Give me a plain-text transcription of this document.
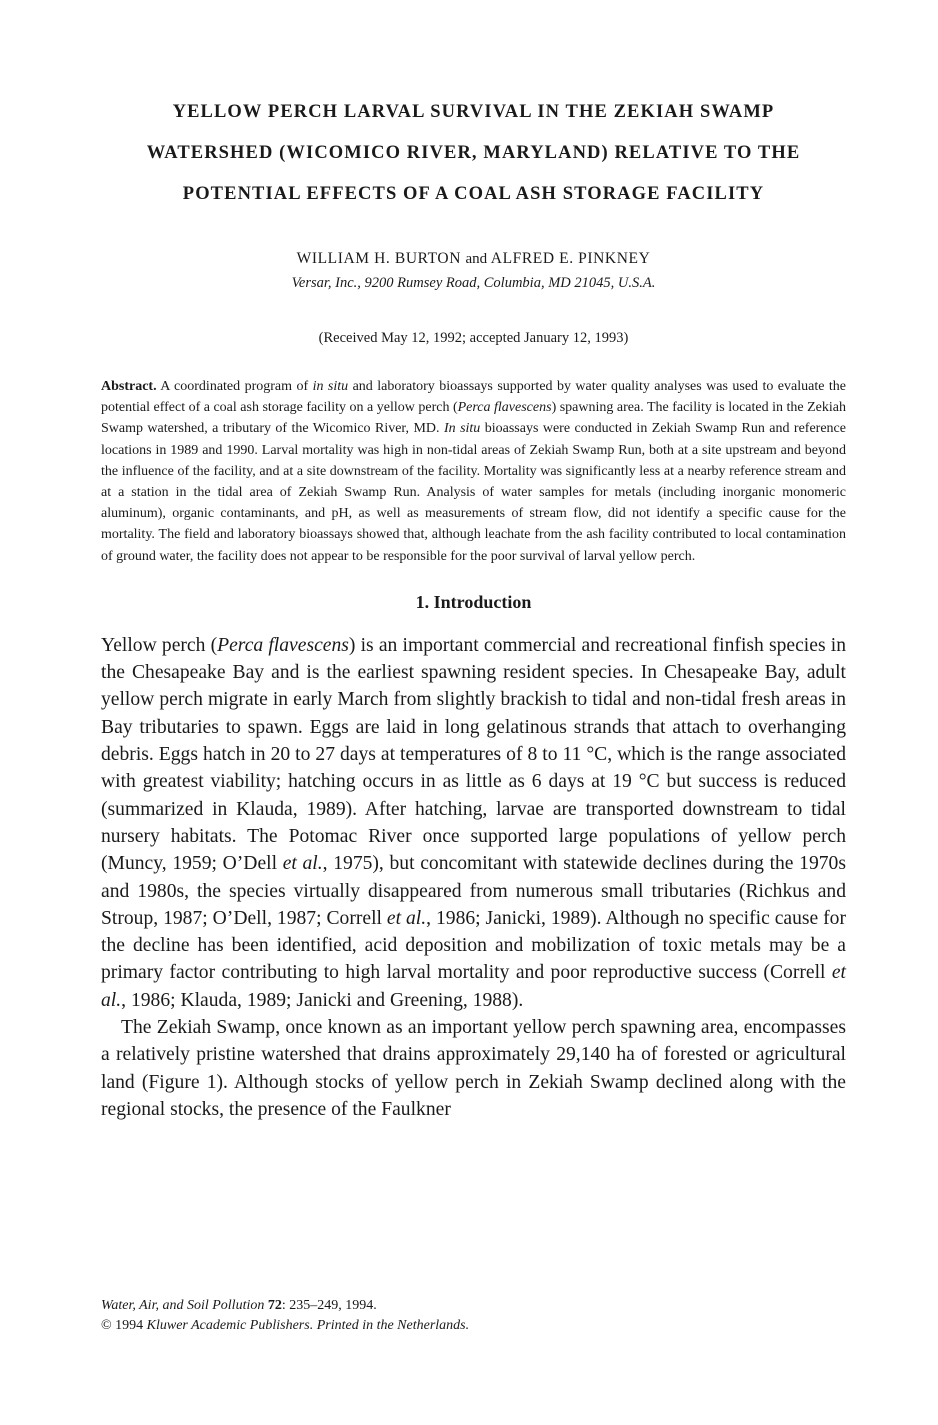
YELLOW PERCH LARVAL SURVIVAL IN THE ZEKIAH SWAMP
WATERSHED (WICOMICO RIVER, MARYLAND) RELATIVE TO THE
POTENTIAL EFFECTS OF A COAL ASH STORAGE FACILITY
WILLIAM H. BURTON and ALFRED E. PINKNEY
Versar, Inc., 9200 Rumsey Road, Columbia, MD 21045, U.S.A.
(Received May 12, 1992; accepted January 12, 1993)
Abstract. A coordinated program of in situ and laboratory bioassays supported by water quality analyses was used to evaluate the potential effect of a coal ash storage facility on a yellow perch (Perca flavescens) spawning area. The facility is located in the Zekiah Swamp watershed, a tributary of the Wicomico River, MD. In situ bioassays were conducted in Zekiah Swamp Run and reference locations in 1989 and 1990. Larval mortality was high in non-tidal areas of Zekiah Swamp Run, both at a site upstream and beyond the influence of the facility, and at a site downstream of the facility. Mortality was significantly less at a nearby reference stream and at a station in the tidal area of Zekiah Swamp Run. Analysis of water samples for metals (including inorganic monomeric aluminum), organic contaminants, and pH, as well as measurements of stream flow, did not identify a specific cause for the mortality. The field and laboratory bioassays showed that, although leachate from the ash facility contributed to local contamination of ground water, the facility does not appear to be responsible for the poor survival of larval yellow perch.
1. Introduction

Yellow perch (Perca flavescens) is an important commercial and recreational finfish species in the Chesapeake Bay and is the earliest spawning resident species. In Chesapeake Bay, adult yellow perch migrate in early March from slightly brackish to tidal and non-tidal fresh areas in Bay tributaries to spawn. Eggs are laid in long gelatinous strands that attach to overhanging debris. Eggs hatch in 20 to 27 days at temperatures of 8 to 11 °C, which is the range associated with greatest viability; hatching occurs in as little as 6 days at 19 °C but success is reduced (summarized in Klauda, 1989). After hatching, larvae are transported downstream to tidal nursery habitats. The Potomac River once supported large populations of yellow perch (Muncy, 1959; O’Dell et al., 1975), but concomitant with statewide declines during the 1970s and 1980s, the species virtually disappeared from numerous small tributaries (Richkus and Stroup, 1987; O’Dell, 1987; Correll et al., 1986; Janicki, 1989). Although no specific cause for the decline has been identified, acid deposition and mobilization of toxic metals may be a primary factor contributing to high larval mortality and poor reproductive success (Correll et al., 1986; Klauda, 1989; Janicki and Greening, 1988).

The Zekiah Swamp, once known as an important yellow perch spawning area, encompasses a relatively pristine watershed that drains approximately 29,140 ha of forested or agricultural land (Figure 1). Although stocks of yellow perch in Zekiah Swamp declined along with the regional stocks, the presence of the Faulkner

Water, Air, and Soil Pollution 72: 235–249, 1994.
© 1994 Kluwer Academic Publishers. Printed in the Netherlands.
